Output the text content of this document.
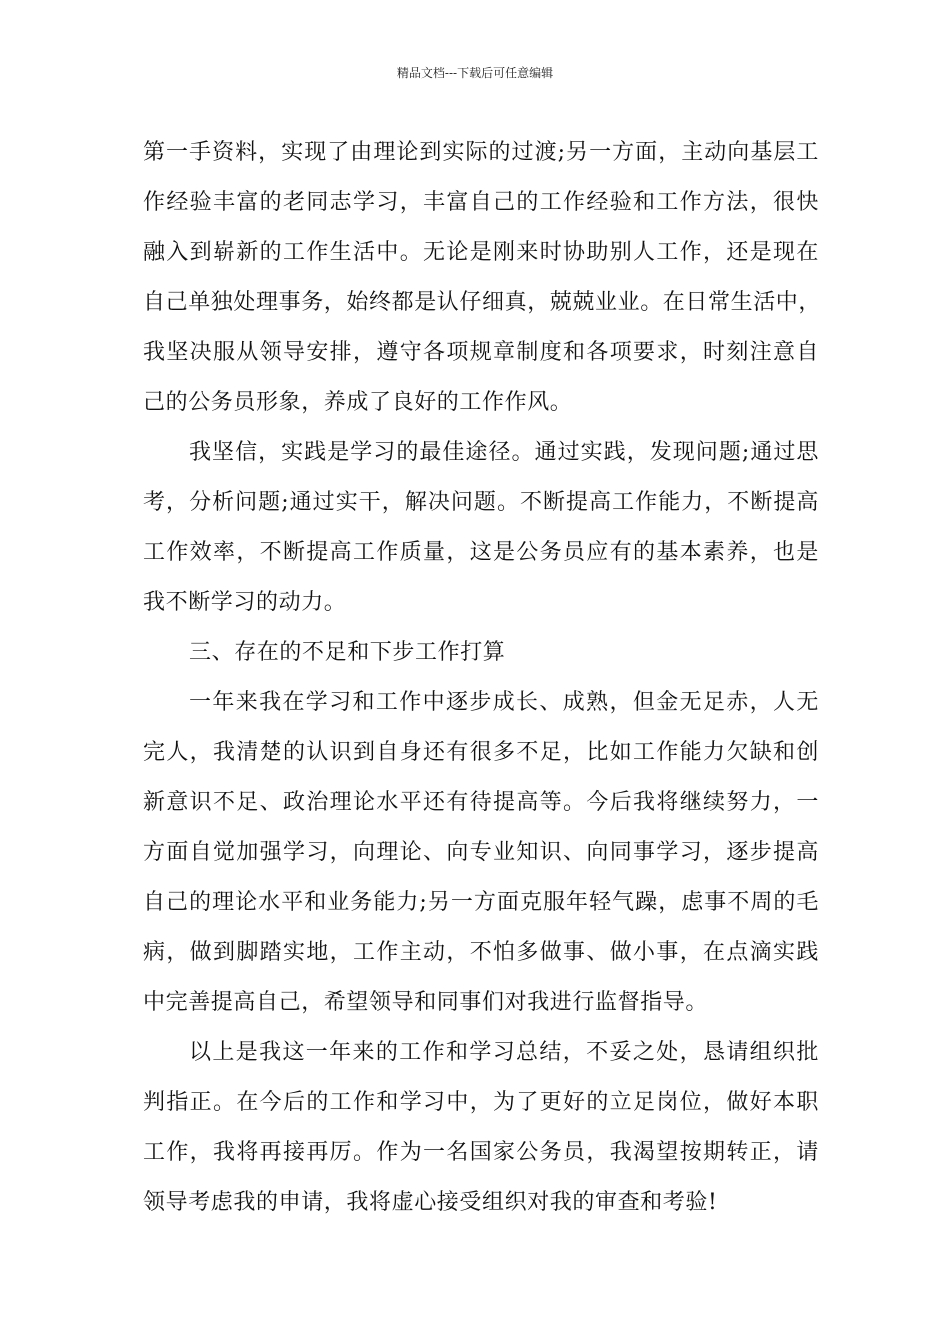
精品文档---下载后可任意编辑
第一手资料，实现了由理论到实际的过渡;另一方面，主动向基层工
作经验丰富的老同志学习，丰富自己的工作经验和工作方法，很快
融入到崭新的工作生活中。无论是刚来时协助别人工作，还是现在
自己单独处理事务，始终都是认仔细真，兢兢业业。在日常生活中，
我坚决服从领导安排，遵守各项规章制度和各项要求，时刻注意自
己的公务员形象，养成了良好的工作作风。
我坚信，实践是学习的最佳途径。通过实践，发现问题;通过思
考，分析问题;通过实干，解决问题。不断提高工作能力，不断提高
工作效率，不断提高工作质量，这是公务员应有的基本素养，也是
我不断学习的动力。
三、存在的不足和下步工作打算
一年来我在学习和工作中逐步成长、成熟，但金无足赤，人无
完人，我清楚的认识到自身还有很多不足，比如工作能力欠缺和创
新意识不足、政治理论水平还有待提高等。今后我将继续努力，一
方面自觉加强学习，向理论、向专业知识、向同事学习，逐步提高
自己的理论水平和业务能力;另一方面克服年轻气躁，虑事不周的毛
病，做到脚踏实地，工作主动，不怕多做事、做小事，在点滴实践
中完善提高自己，希望领导和同事们对我进行监督指导。
以上是我这一年来的工作和学习总结，不妥之处，恳请组织批
判指正。在今后的工作和学习中，为了更好的立足岗位，做好本职
工作，我将再接再厉。作为一名国家公务员，我渴望按期转正，请
领导考虑我的申请，我将虚心接受组织对我的审查和考验!
